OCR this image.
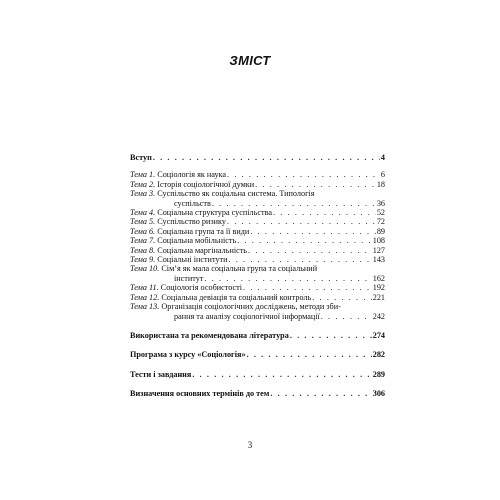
ЗМІСТ
Вступ . . .	4
Тема 1. Соціологія як наука . . .	6
Тема 2. Історія соціологічної думки . . .	18
Тема 3. Суспільство як соціальна система. Типологія
суспільств . . .	36
Тема 4. Соціальна структура суспільства . . .	52
Тема 5. Суспільство ризику . . .	72
Тема 6. Соціальна група та її види . . .	89
Тема 7. Соціальна мобільність . . .	108
Тема 8. Соціальна маргінальність . . .	127
Тема 9. Соціальні інститути . . .	143
Тема 10. Сім’я як мала соціальна група та соціальний
інститут . . .	162
Тема 11. Соціологія особистості . . .	192
Тема 12. Соціальна девіація та соціальний контроль . . .	221
Тема 13. Організація соціологічних досліджень, методи зби-
рання та аналізу соціологічної інформації . . .	242
Використана та рекомендована література . . .	274
Програма з курсу «Соціологія» . . .	282
Тести і завдання . . .	289
Визначення основних термінів до тем . . .	306
3
